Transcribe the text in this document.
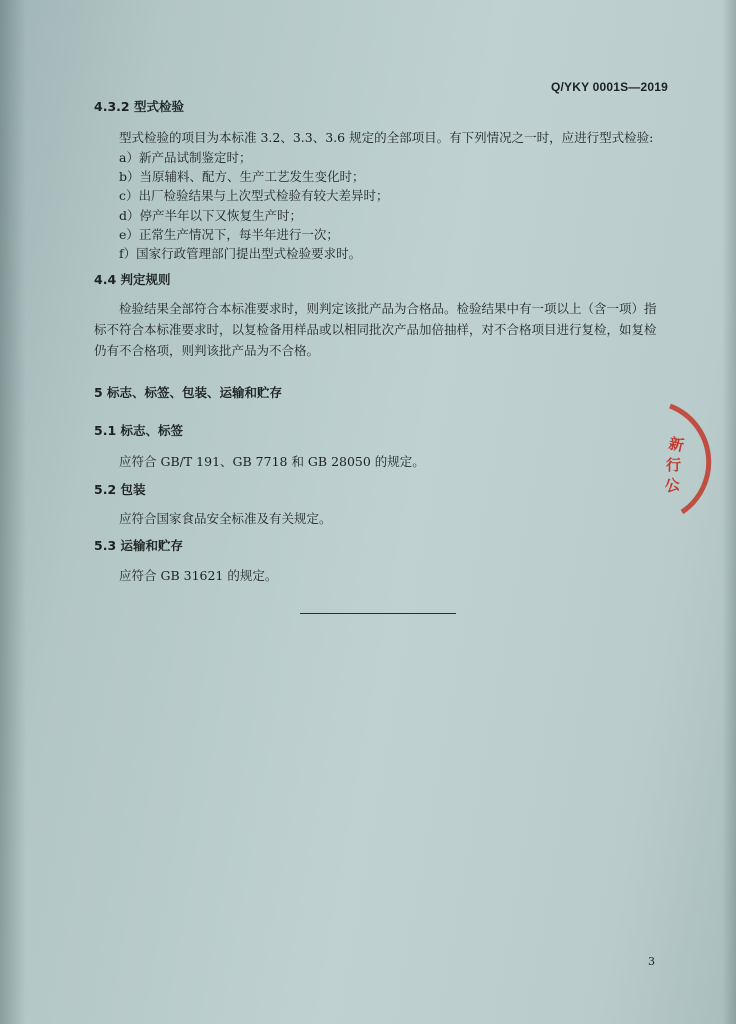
Q/YKY 0001S—2019
4.3.2 型式检验
型式检验的项目为本标准 3.2、3.3、3.6 规定的全部项目。有下列情况之一时，应进行型式检验:
a）新产品试制鉴定时；
b）当原辅料、配方、生产工艺发生变化时；
c）出厂检验结果与上次型式检验有较大差异时；
d）停产半年以下又恢复生产时；
e）正常生产情况下，每半年进行一次；
f）国家行政管理部门提出型式检验要求时。
4.4 判定规则
检验结果全部符合本标准要求时，则判定该批产品为合格品。检验结果中有一项以上（含一项）指
标不符合本标准要求时，以复检备用样品或以相同批次产品加倍抽样，对不合格项目进行复检，如复检
仍有不合格项，则判该批产品为不合格。
5 标志、标签、包装、运输和贮存
5.1 标志、标签
应符合 GB/T 191、GB 7718 和 GB 28050 的规定。
5.2 包装
应符合国家食品安全标准及有关规定。
5.3 运输和贮存
应符合 GB 31621 的规定。
新
行
公
3
